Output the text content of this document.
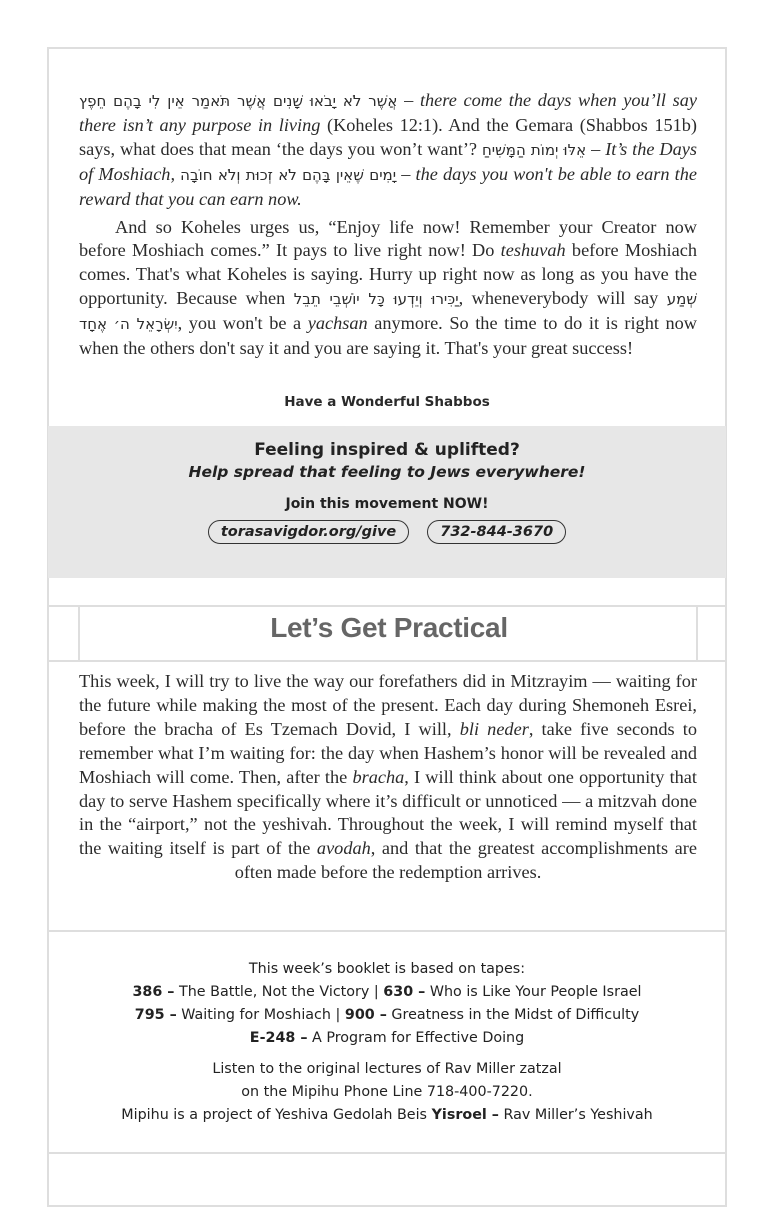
אֲשֶׁר לֹא יָבֹאוּ שָׁנִים אֲשֶׁר תֹּאמַר אֵין לִי בָהֶם חֵפֶץ – there come the days when you’ll say there isn’t any purpose in living (Koheles 12:1). And the Gemara (Shabbos 151b) says, what does that mean ‘the days you won’t want’? אֵלּוּ יְמוֹת הַמָּשִׁיחַ – It’s the Days of Moshiach, יָמִים שֶׁאֵין בָּהֶם לֹא זְכוּת וְלֹא חוֹבָה – the days you won't be able to earn the reward that you can earn now.

And so Koheles urges us, “Enjoy life now! Remember your Creator now before Moshiach comes.” It pays to live right now! Do teshuvah before Moshiach comes. That's what Koheles is saying. Hurry up right now as long as you have the opportunity. Because when יַכִּירוּ וְיֵדְעוּ כָּל יוֹשְׁבֵי תֵבֵל, wheneverybody will say שְׁמַע יִשְׂרָאֵל ה׳ אֶחָד, you won't be a yachsan anymore. So the time to do it is right now when the others don't say it and you are saying it. That's your great success!

Have a Wonderful Shabbos
Feeling inspired & uplifted?
Help spread that feeling to Jews everywhere!
Join this movement NOW!
torasavigdor.org/give	732-844-3670
Let’s Get Practical

This week, I will try to live the way our forefathers did in Mitzrayim — waiting for the future while making the most of the present. Each day during Shemoneh Esrei, before the bracha of Es Tzemach Dovid, I will, bli neder, take five seconds to remember what I’m waiting for: the day when Hashem’s honor will be revealed and Moshiach will come. Then, after the bracha, I will think about one opportunity that day to serve Hashem specifically where it’s difficult or unnoticed — a mitzvah done in the “airport,” not the yeshivah. Throughout the week, I will remind myself that the waiting itself is part of the avodah, and that the greatest accomplishments are often made before the redemption arrives.

This week’s booklet is based on tapes:
386 – The Battle, Not the Victory | 630 – Who is Like Your People Israel
795 – Waiting for Moshiach | 900 – Greatness in the Midst of Difficulty
E-248 – A Program for Effective Doing
Listen to the original lectures of Rav Miller zatzal
on the Mipihu Phone Line 718-400-7220.
Mipihu is a project of Yeshiva Gedolah Beis Yisroel – Rav Miller’s Yeshivah
